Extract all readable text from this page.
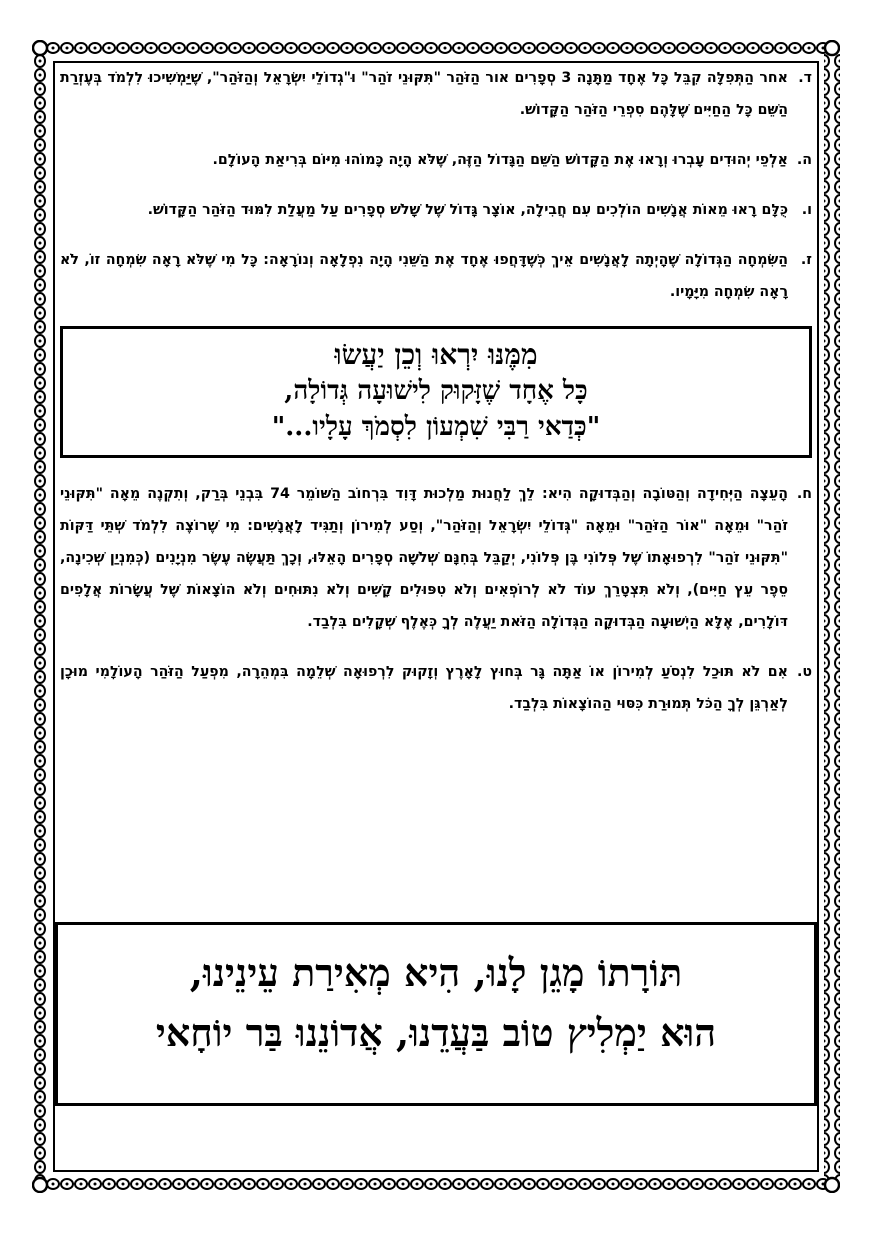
ד.
אחר הַתְּפִלָּה קִבֵּל כָּל אֶחָד מַתָּנָה 3 סְפָרִים אור הַזֹּהַר "תִּקּוּנֵי זֹהַר" וּ"גְדוֹלֵי יִשְׂרָאֵל וְהַזֹּהַר", שֶׁיַּמְשִׁיכוּ לִלְמֹד בְּעֶזְרַת הַשֵּׁם כָּל הַחַיִּים שֶׁלָּהֶם סִפְרֵי הַזֹּהַר הַקָּדוֹשׁ.
ה.
אַלְפֵי יְהוּדִים עָבְרוּ וְרָאוּ אֶת הַקָּדוֹשׁ הַשֵּׁם הַגָּדוֹל הַזֶּה, שֶׁלֹּא הָיָה כָּמוֹהוּ מִיּוֹם בְּרִיאַת הָעוֹלָם.
ו.
כֻּלָּם רָאוּ מֵאוֹת אֲנָשִׁים הוֹלְכִים עִם חֲבִילָה, אוֹצָר גָּדוֹל שֶׁל שָׁלֹשׁ סְפָרִים עַל מַעֲלַת לִמּוּד הַזֹּהַר הַקָּדוֹשׁ.
ז.
הַשִּׂמְחָה הַגְּדוֹלָה שֶׁהָיְתָה לָאֲנָשִׁים אֵיךְ כְּשֶׁדָּחֲפוּ אֶחָד אֶת הַשֵּׁנִי הָיָה נִפְלָאָה וְנוֹרָאָה: כָּל מִי שֶׁלֹּא רָאָה שִׂמְחָה זוֹ, לֹא רָאָה שִׂמְחָה מִיָּמָיו.
מִמֶּנּוּ יִרְאוּ וְכֵן יַעֲשׂוּ
כָּל אֶחָד שֶׁזָּקוּק לִישׁוּעָה גְּדוֹלָה,
"כְּדַאי רַבִּי שִׁמְעוֹן לִסְמֹךְ עָלָיו..."
ח.
הָעֵצָה הַיְּחִידָה וְהַטּוֹבָה וְהַבְּדוּקָה הִיא: לֵךְ לַחֲנוּת מַלְכוּת דָּוִד בִּרְחוֹב הַשּׁוֹמֵר 74 בִּבְנֵי בְּרַק, וְתִקְנֶה מֵאָה "תִּקּוּנֵי זֹהַר" וּמֵאָה "אוֹר הַזֹּהַר" וּמֵאָה "גְּדוֹלֵי יִשְׂרָאֵל וְהַזֹּהַר", וְסַע לְמִירוֹן וְתַגִּיד לָאֲנָשִׁים: מִי שֶׁרוֹצֶה לִלְמֹד שְׁתֵּי דַּקּוֹת "תִּקּוּנֵי זֹהַר" לִרְפוּאָתוֹ שֶׁל פְּלוֹנִי בֶּן פְּלוֹנִי, יְקַבֵּל בְּחִנָּם שְׁלֹשָׁה סְפָרִים הָאֵלּוּ, וְכָךְ תַּעֲשֶׂה עֶשֶׂר מִנְיָנִים (כְּמִנְיַן שְׁכִינָה, סֵפֶר עֵץ חַיִּים), וְלֹא תִּצְטָרֵךְ עוֹד לֹא לְרוֹפְאִים וְלֹא טִפּוּלִים קָשִׁים וְלֹא נִתּוּחִים וְלֹא הוֹצָאוֹת שֶׁל עֲשָׂרוֹת אֲלָפִים דּוֹלָרִים, אֶלָּא הַיְשׁוּעָה הַבְּדוּקָה הַגְּדוֹלָה הַזֹּאת יַעֲלֶה לְךָ כְּאֶלֶף שְׁקָלִים בִּלְבַד.
ט.
אִם לֹא תּוּכַל לִנְסֹעַ לְמִירוֹן אוֹ אַתָּה גָּר בְּחוּץ לָאָרֶץ וְזָקוּק לִרְפוּאָה שְׁלֵמָה בִּמְהֵרָה, מִפְעַל הַזֹּהַר הָעוֹלָמִי מוּכָן לְאַרְגֵּן לְךָ הַכֹּל תְּמוּרַת כִּסּוּי הַהוֹצָאוֹת בִּלְבַד.
תּוֹרָתוֹ מָגֵן לָנוּ, הִיא מְאִירַת עֵינֵינוּ,
הוּא יַמְלִיץ טוֹב בַּעֲדֵנוּ, אֲדוֹנֵנוּ בַּר יוֹחָאי
